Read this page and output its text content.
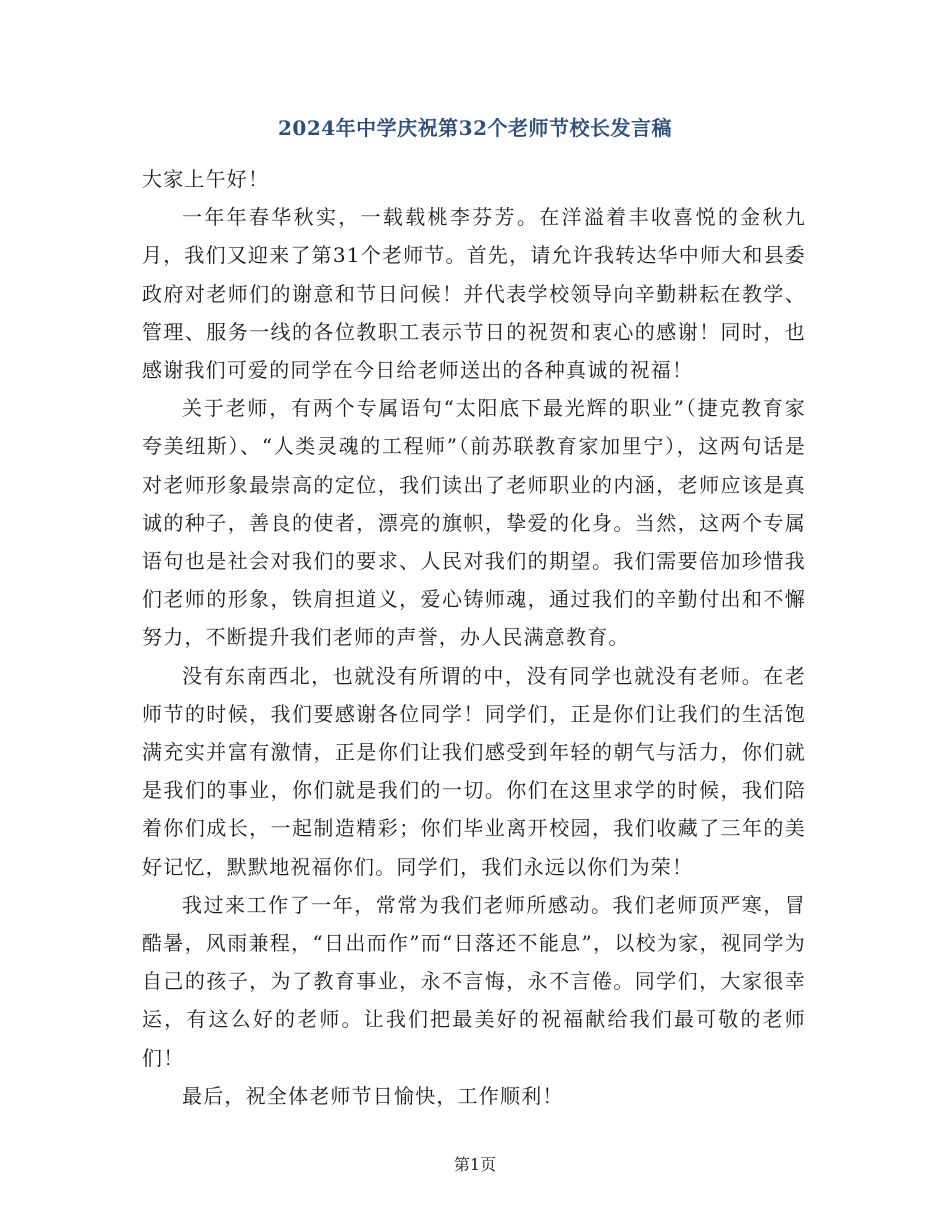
2024年中学庆祝第32个老师节校长发言稿

大家上午好！

一年年春华秋实，一载载桃李芬芳。在洋溢着丰收喜悦的金秋九月，我们又迎来了第31个老师节。首先，请允许我转达华中师大和县委政府对老师们的谢意和节日问候！并代表学校领导向辛勤耕耘在教学、管理、服务一线的各位教职工表示节日的祝贺和衷心的感谢！同时，也感谢我们可爱的同学在今日给老师送出的各种真诚的祝福！

关于老师，有两个专属语句“太阳底下最光辉的职业”（捷克教育家夸美纽斯）、“人类灵魂的工程师”（前苏联教育家加里宁），这两句话是对老师形象最崇高的定位，我们读出了老师职业的内涵，老师应该是真诚的种子，善良的使者，漂亮的旗帜，挚爱的化身。当然，这两个专属语句也是社会对我们的要求、人民对我们的期望。我们需要倍加珍惜我们老师的形象，铁肩担道义，爱心铸师魂，通过我们的辛勤付出和不懈努力，不断提升我们老师的声誉，办人民满意教育。

没有东南西北，也就没有所谓的中，没有同学也就没有老师。在老师节的时候，我们要感谢各位同学！同学们，正是你们让我们的生活饱满充实并富有激情，正是你们让我们感受到年轻的朝气与活力，你们就是我们的事业，你们就是我们的一切。你们在这里求学的时候，我们陪着你们成长，一起制造精彩；你们毕业离开校园，我们收藏了三年的美好记忆，默默地祝福你们。同学们，我们永远以你们为荣！

我过来工作了一年，常常为我们老师所感动。我们老师顶严寒，冒酷暑，风雨兼程，“日出而作”而“日落还不能息”，以校为家，视同学为自己的孩子，为了教育事业，永不言悔，永不言倦。同学们，大家很幸运，有这么好的老师。让我们把最美好的祝福献给我们最可敬的老师们！

最后，祝全体老师节日愉快，工作顺利！

第1页
